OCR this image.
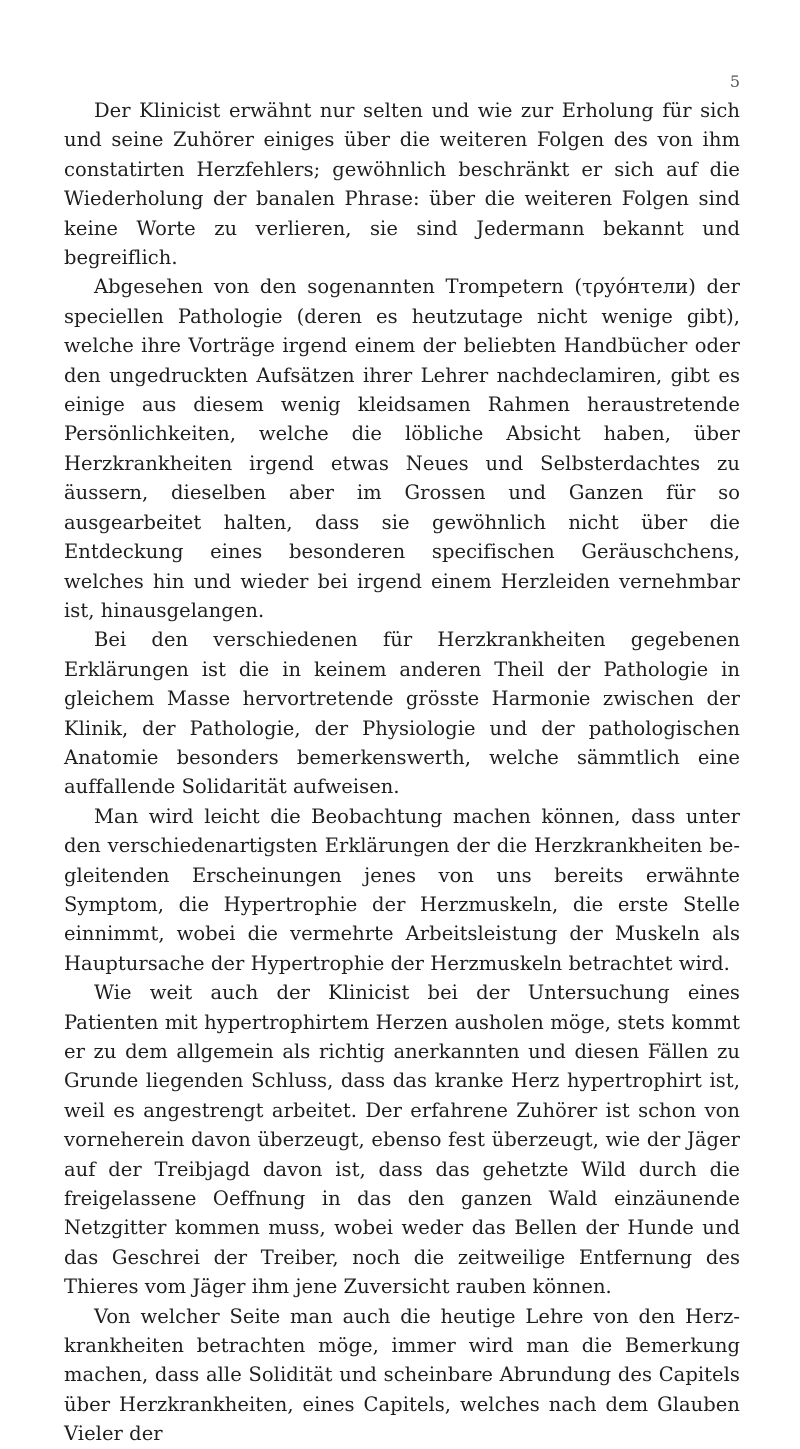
5

Der Klinicist erwähnt nur selten und wie zur Erholung für sich und seine Zuhörer einiges über die weiteren Folgen des von ihm constatirten Herzfehlers; gewöhnlich beschränkt er sich auf die Wiederholung der banalen Phrase: über die weiteren Folgen sind keine Worte zu verlieren, sie sind Jedermann bekannt und begreiflich.

Abgesehen von den sogenannten Trompetern (τρyόнτeли) der speciellen Pathologie (deren es heutzutage nicht wenige gibt), welche ihre Vorträge irgend einem der beliebten Handbücher oder den ungedruckten Aufsätzen ihrer Lehrer nachdeclamiren, gibt es einige aus diesem wenig kleidsamen Rahmen heraustretende Persönlichkeiten, welche die löbliche Absicht haben, über Herzkrankheiten irgend etwas Neues und Selbsterdachtes zu äussern, dieselben aber im Grossen und Ganzen für so ausgearbeitet halten, dass sie gewöhnlich nicht über die Entdeckung eines besonderen specifischen Geräuschchens, welches hin und wieder bei irgend einem Herzleiden vernehmbar ist, hinausgelangen.

Bei den verschiedenen für Herzkrankheiten gegebenen Erklärungen ist die in keinem anderen Theil der Pathologie in gleichem Masse hervortretende grösste Harmonie zwischen der Klinik, der Pathologie, der Physiologie und der pathologischen Anatomie besonders bemerkenswerth, welche sämmtlich eine auffallende Solidarität aufweisen.

Man wird leicht die Beobachtung machen können, dass unter den verschiedenartigsten Erklärungen der die Herzkrankheiten begleitenden Erscheinungen jenes von uns bereits erwähnte Symptom, die Hypertrophie der Herzmuskeln, die erste Stelle einnimmt, wobei die vermehrte Arbeitsleistung der Muskeln als Hauptursache der Hypertrophie der Herzmuskeln betrachtet wird.

Wie weit auch der Klinicist bei der Untersuchung eines Patienten mit hypertrophirtem Herzen ausholen möge, stets kommt er zu dem allgemein als richtig anerkannten und diesen Fällen zu Grunde liegenden Schluss, dass das kranke Herz hypertrophirt ist, weil es angestrengt arbeitet. Der erfahrene Zuhörer ist schon von vorneherein davon überzeugt, ebenso fest überzeugt, wie der Jäger auf der Treibjagd davon ist, dass das gehetzte Wild durch die freigelassene Oeffnung in das den ganzen Wald einzäunende Netzgitter kommen muss, wobei weder das Bellen der Hunde und das Geschrei der Treiber, noch die zeitweilige Entfernung des Thieres vom Jäger ihm jene Zuversicht rauben können.

Von welcher Seite man auch die heutige Lehre von den Herzkrankheiten betrachten möge, immer wird man die Bemerkung machen, dass alle Solidität und scheinbare Abrundung des Capitels über Herzkrankheiten, eines Capitels, welches nach dem Glauben Vieler der
